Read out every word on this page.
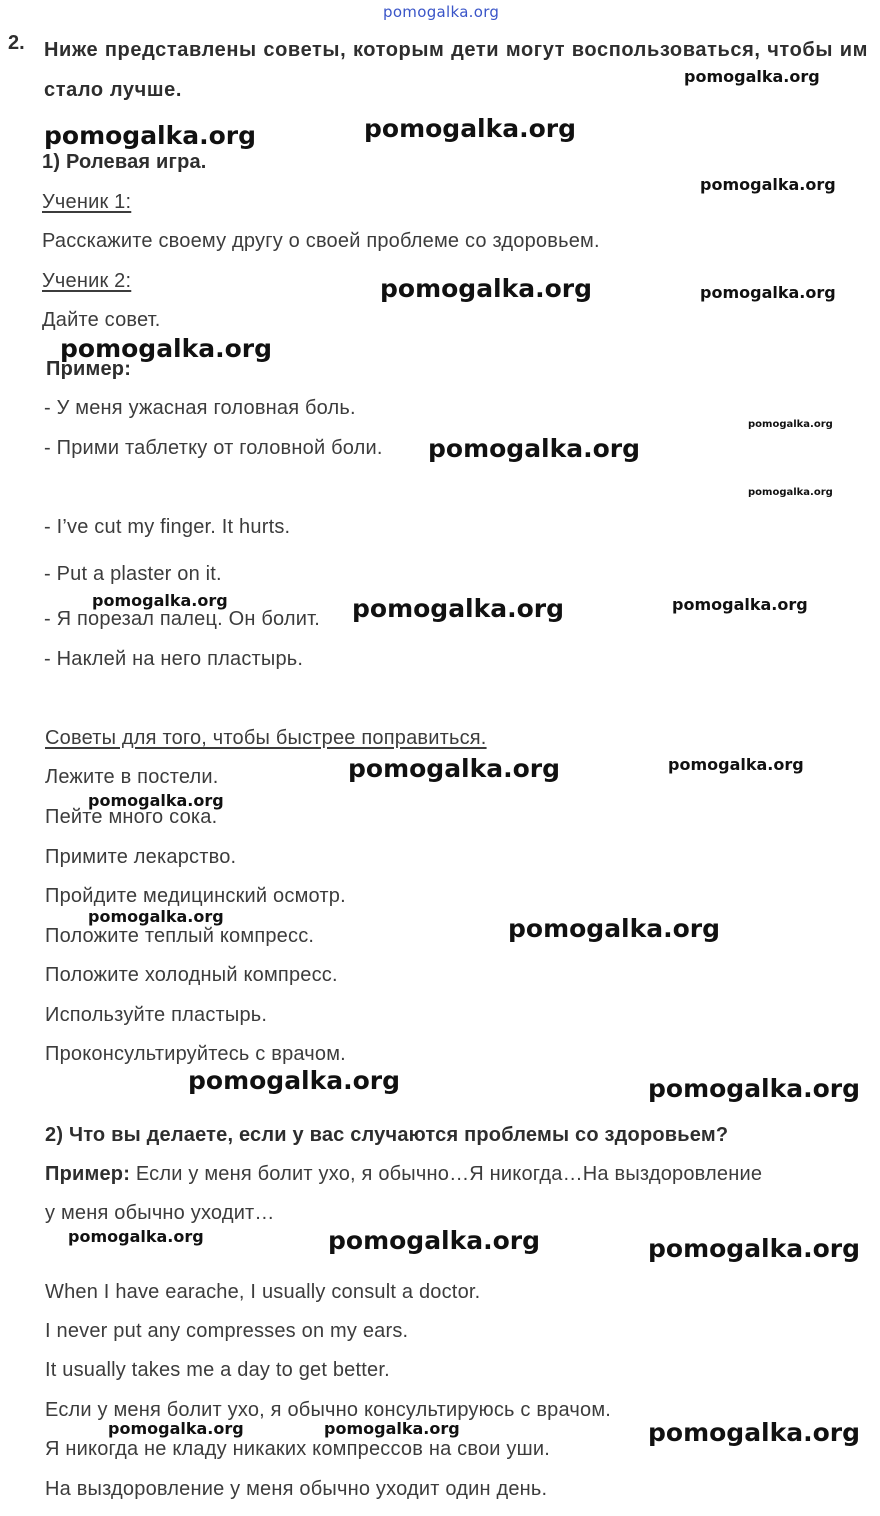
pomogalka.org
2. Ниже представлены советы, которым дети могут воспользоваться, чтобы им стало лучше.
1) Ролевая игра.
Ученик 1:
Расскажите своему другу о своей проблеме со здоровьем.
Ученик 2:
Дайте совет.
Пример:
- У меня ужасная головная боль.
- Прими таблетку от головной боли.
- I’ve cut my finger. It hurts.
- Put a plaster on it.
- Я порезал палец. Он болит.
- Наклей на него пластырь.
Советы для того, чтобы быстрее поправиться.
Лежите в постели.
Пейте много сока.
Примите лекарство.
Пройдите медицинский осмотр.
Положите теплый компресс.
Положите холодный компресс.
Используйте пластырь.
Проконсультируйтесь с врачом.
2) Что вы делаете, если у вас случаются проблемы со здоровьем?
Пример: Если у меня болит ухо, я обычно…Я никогда…На выздоровление
у меня обычно уходит…
When I have earache, I usually consult a doctor.
I never put any compresses on my ears.
It usually takes me a day to get better.
Если у меня болит ухо, я обычно консультируюсь с врачом.
Я никогда не кладу никаких компрессов на свои уши.
На выздоровление у меня обычно уходит один день.
pomogalka.org
pomogalka.org	pomogalka.org
pomogalka.org
pomogalka.org	pomogalka.org
pomogalka.org
pomogalka.org
pomogalka.org
pomogalka.org
pomogalka.org	pomogalka.org	pomogalka.org
pomogalka.org	pomogalka.org
pomogalka.org
pomogalka.org	pomogalka.org
pomogalka.org	pomogalka.org
pomogalka.org	pomogalka.org	pomogalka.org
pomogalka.org	pomogalka.org	pomogalka.org
